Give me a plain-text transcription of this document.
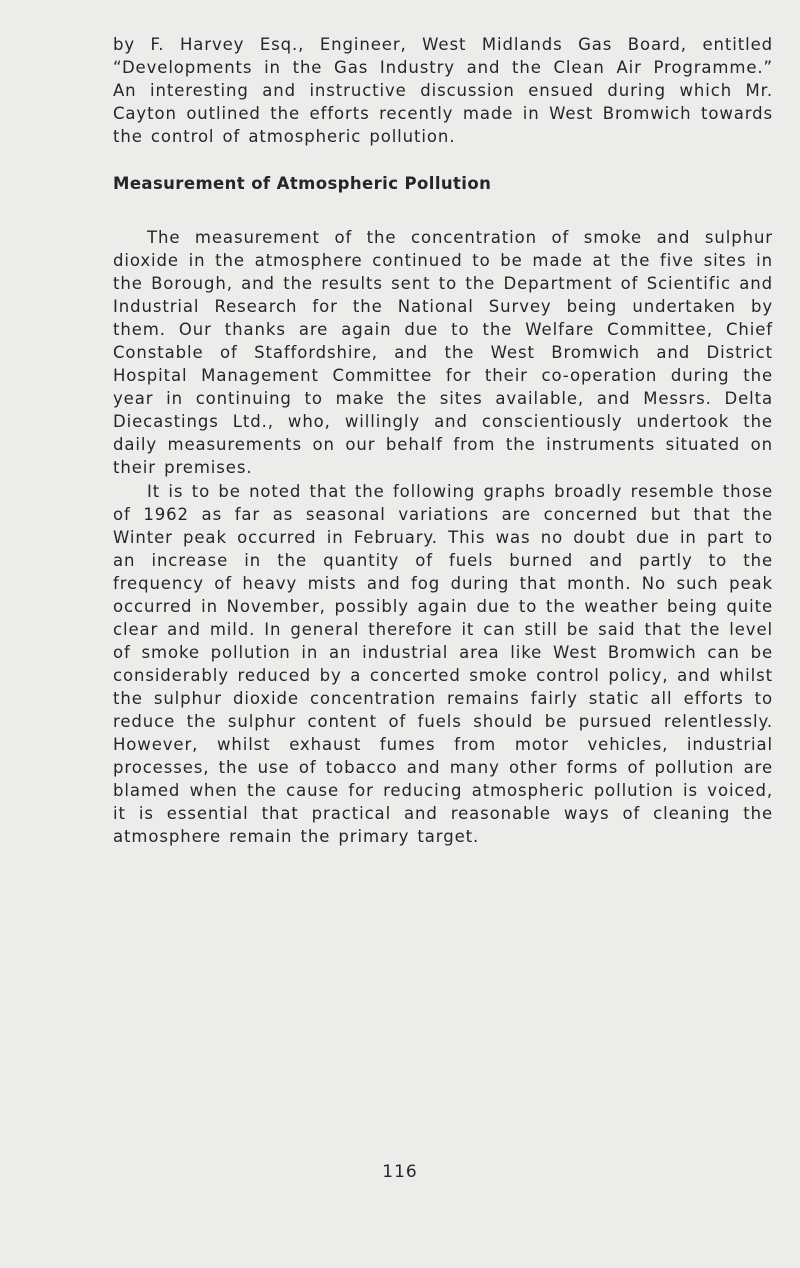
by F. Harvey Esq., Engineer, West Midlands Gas Board, entitled “Developments in the Gas Industry and the Clean Air Programme.” An interesting and instructive discussion ensued during which Mr. Cayton outlined the efforts recently made in West Bromwich towards the control of atmospheric pollution.

Measurement of Atmospheric Pollution

The measurement of the concentration of smoke and sulphur dioxide in the atmosphere continued to be made at the five sites in the Borough, and the results sent to the Department of Scientific and Industrial Research for the National Survey being undertaken by them. Our thanks are again due to the Welfare Committee, Chief Constable of Staffordshire, and the West Bromwich and District Hospital Management Committee for their co-operation during the year in continuing to make the sites available, and Messrs. Delta Diecastings Ltd., who, willingly and conscientiously undertook the daily measurements on our behalf from the instruments situated on their premises.

It is to be noted that the following graphs broadly resemble those of 1962 as far as seasonal variations are concerned but that the Winter peak occurred in February. This was no doubt due in part to an increase in the quantity of fuels burned and partly to the frequency of heavy mists and fog during that month. No such peak occurred in November, possibly again due to the weather being quite clear and mild. In general therefore it can still be said that the level of smoke pollution in an industrial area like West Bromwich can be considerably reduced by a concerted smoke control policy, and whilst the sulphur dioxide concentration remains fairly static all efforts to reduce the sulphur content of fuels should be pursued relentlessly. However, whilst exhaust fumes from motor vehicles, industrial processes, the use of tobacco and many other forms of pollution are blamed when the cause for reducing atmospheric pollution is voiced, it is essential that practical and reasonable ways of cleaning the atmosphere remain the primary target.

116
